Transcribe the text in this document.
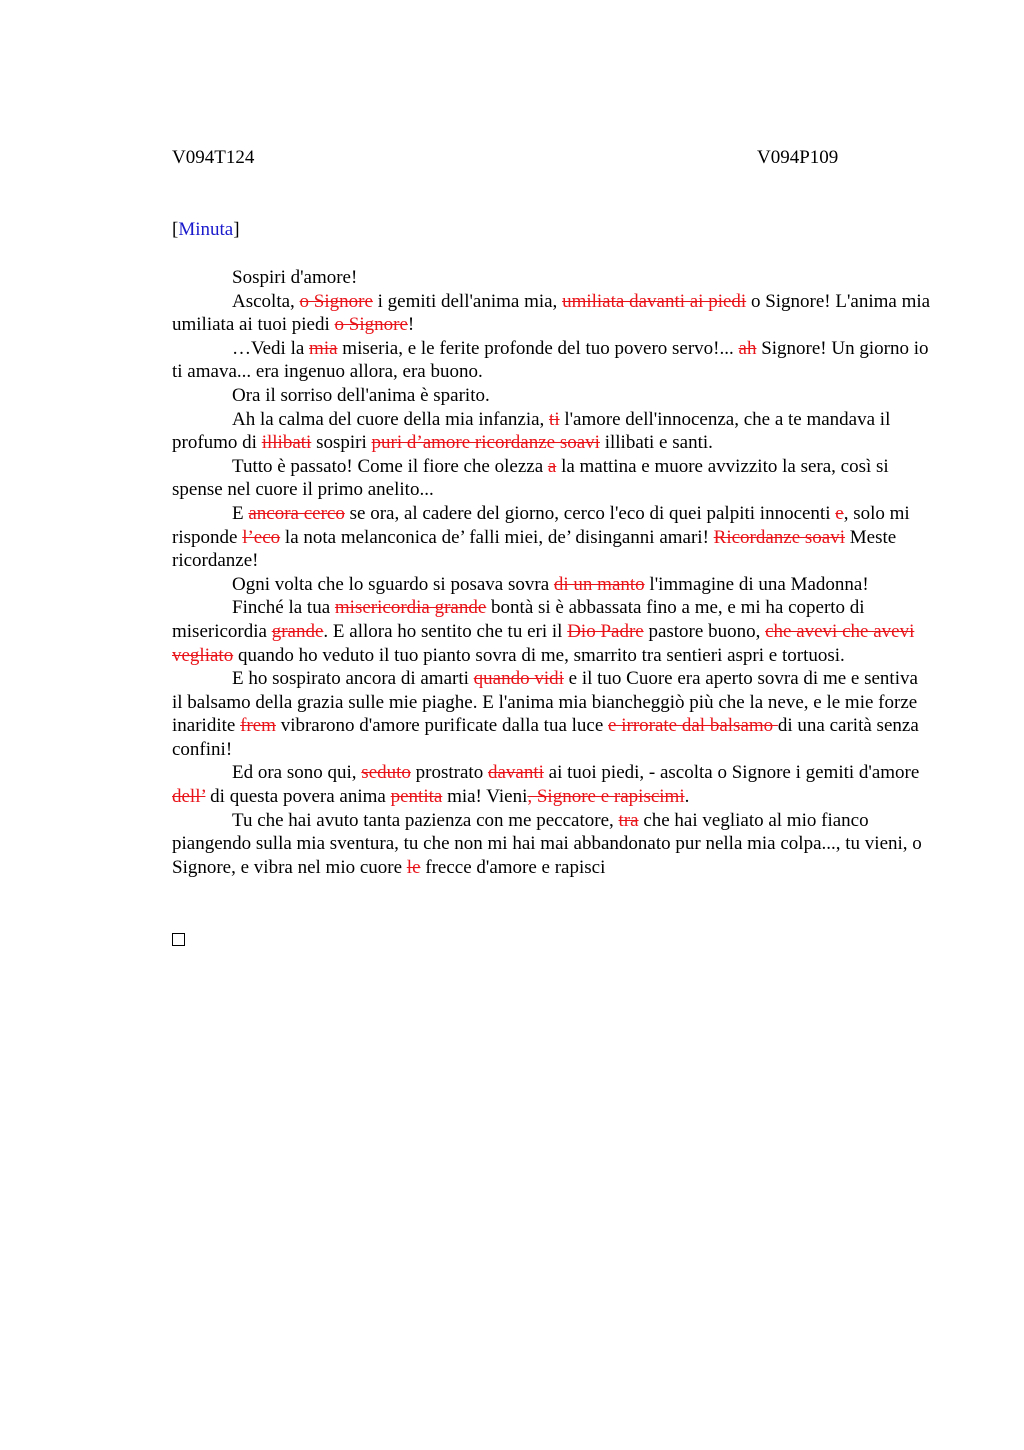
V094T124	V094P109
[Minuta]

Sospiri d'amore!

Ascolta, o Signore i gemiti dell'anima mia, umiliata davanti ai piedi o Signore! L'anima mia umiliata ai tuoi piedi o Signore!

…Vedi la mia miseria, e le ferite profonde del tuo povero servo!... ah Signore! Un giorno io ti amava... era ingenuo allora, era buono.

Ora il sorriso dell'anima è sparito.

Ah la calma del cuore della mia infanzia, ti l'amore dell'innocenza, che a te mandava il profumo di illibati sospiri puri d’amore ricordanze soavi illibati e santi.

Tutto è passato! Come il fiore che olezza a la mattina e muore avvizzito la sera, così si spense nel cuore il primo anelito...

E ancora cerco se ora, al cadere del giorno, cerco l'eco di quei palpiti innocenti e, solo mi risponde l’eco la nota melanconica de’ falli miei, de’ disinganni amari! Ricordanze soavi Meste ricordanze!

Ogni volta che lo sguardo si posava sovra di un manto l'immagine di una Madonna!

Finché la tua misericordia grande bontà si è abbassata fino a me, e mi ha coperto di misericordia grande. E allora ho sentito che tu eri il Dio Padre pastore buono, che avevi che avevi vegliato quando ho veduto il tuo pianto sovra di me, smarrito tra sentieri aspri e tortuosi.

E ho sospirato ancora di amarti quando vidi e il tuo Cuore era aperto sovra di me e sentiva il balsamo della grazia sulle mie piaghe. E l'anima mia biancheggiò più che la neve, e le mie forze inaridite frem vibrarono d'amore purificate dalla tua luce e irrorate dal balsamo di una carità senza confini!

Ed ora sono qui, seduto prostrato davanti ai tuoi piedi, - ascolta o Signore i gemiti d'amore dell’ di questa povera anima pentita mia! Vieni, Signore e rapiscimi.

Tu che hai avuto tanta pazienza con me peccatore, tra che hai vegliato al mio fianco piangendo sulla mia sventura, tu che non mi hai mai abbandonato pur nella mia colpa..., tu vieni, o Signore, e vibra nel mio cuore le frecce d'amore e rapisci
